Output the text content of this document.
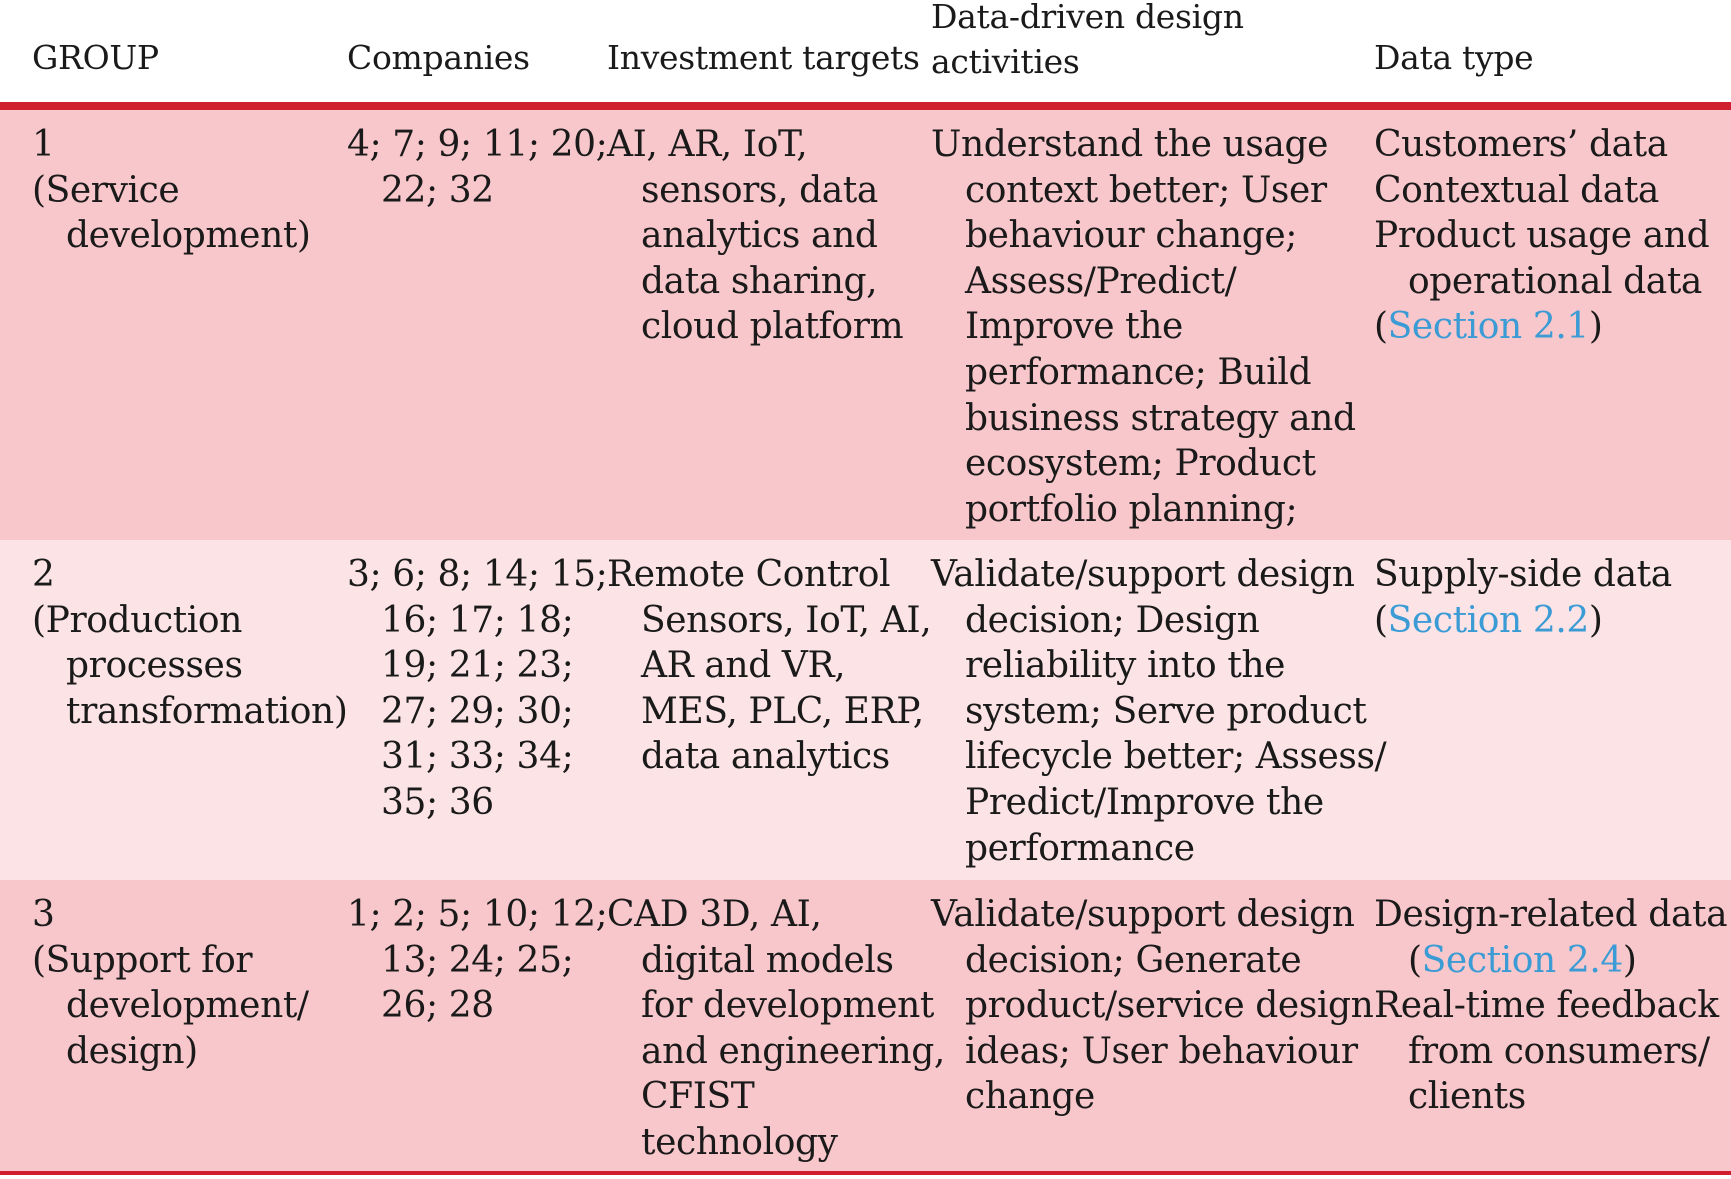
GROUP	Companies Investment targets
Data-driven design
activities	Data type
1
(Service
development)
4; 7; 9; 11; 20;
22; 32
AI, AR, IoT,
sensors, data
analytics and
data sharing,
cloud platform
Understand the usage
context better; User
behaviour change;
Assess/Predict/
Improve the
performance; Build
business strategy and
ecosystem; Product
portfolio planning;
Customers’ data
Contextual data
Product usage and
operational data
(Section 2.1)
2
(Production
processes
transformation)
3; 6; 8; 14; 15;
16; 17; 18;
19; 21; 23;
27; 29; 30;
31; 33; 34;
35; 36
Remote Control
Sensors, IoT, AI,
AR and VR,
MES, PLC, ERP,
data analytics
Validate/support design
decision; Design
reliability into the
system; Serve product
lifecycle better; Assess/
Predict/Improve the
performance
Supply-side data
(Section 2.2)
3
(Support for
development/
design)
1; 2; 5; 10; 12;
13; 24; 25;
26; 28
CAD 3D, AI,
digital models
for development
and engineering,
CFIST
technology
Validate/support design
decision; Generate
product/service design
ideas; User behaviour
change
Design-related data
(Section 2.4)
Real-time feedback
from consumers/
clients
